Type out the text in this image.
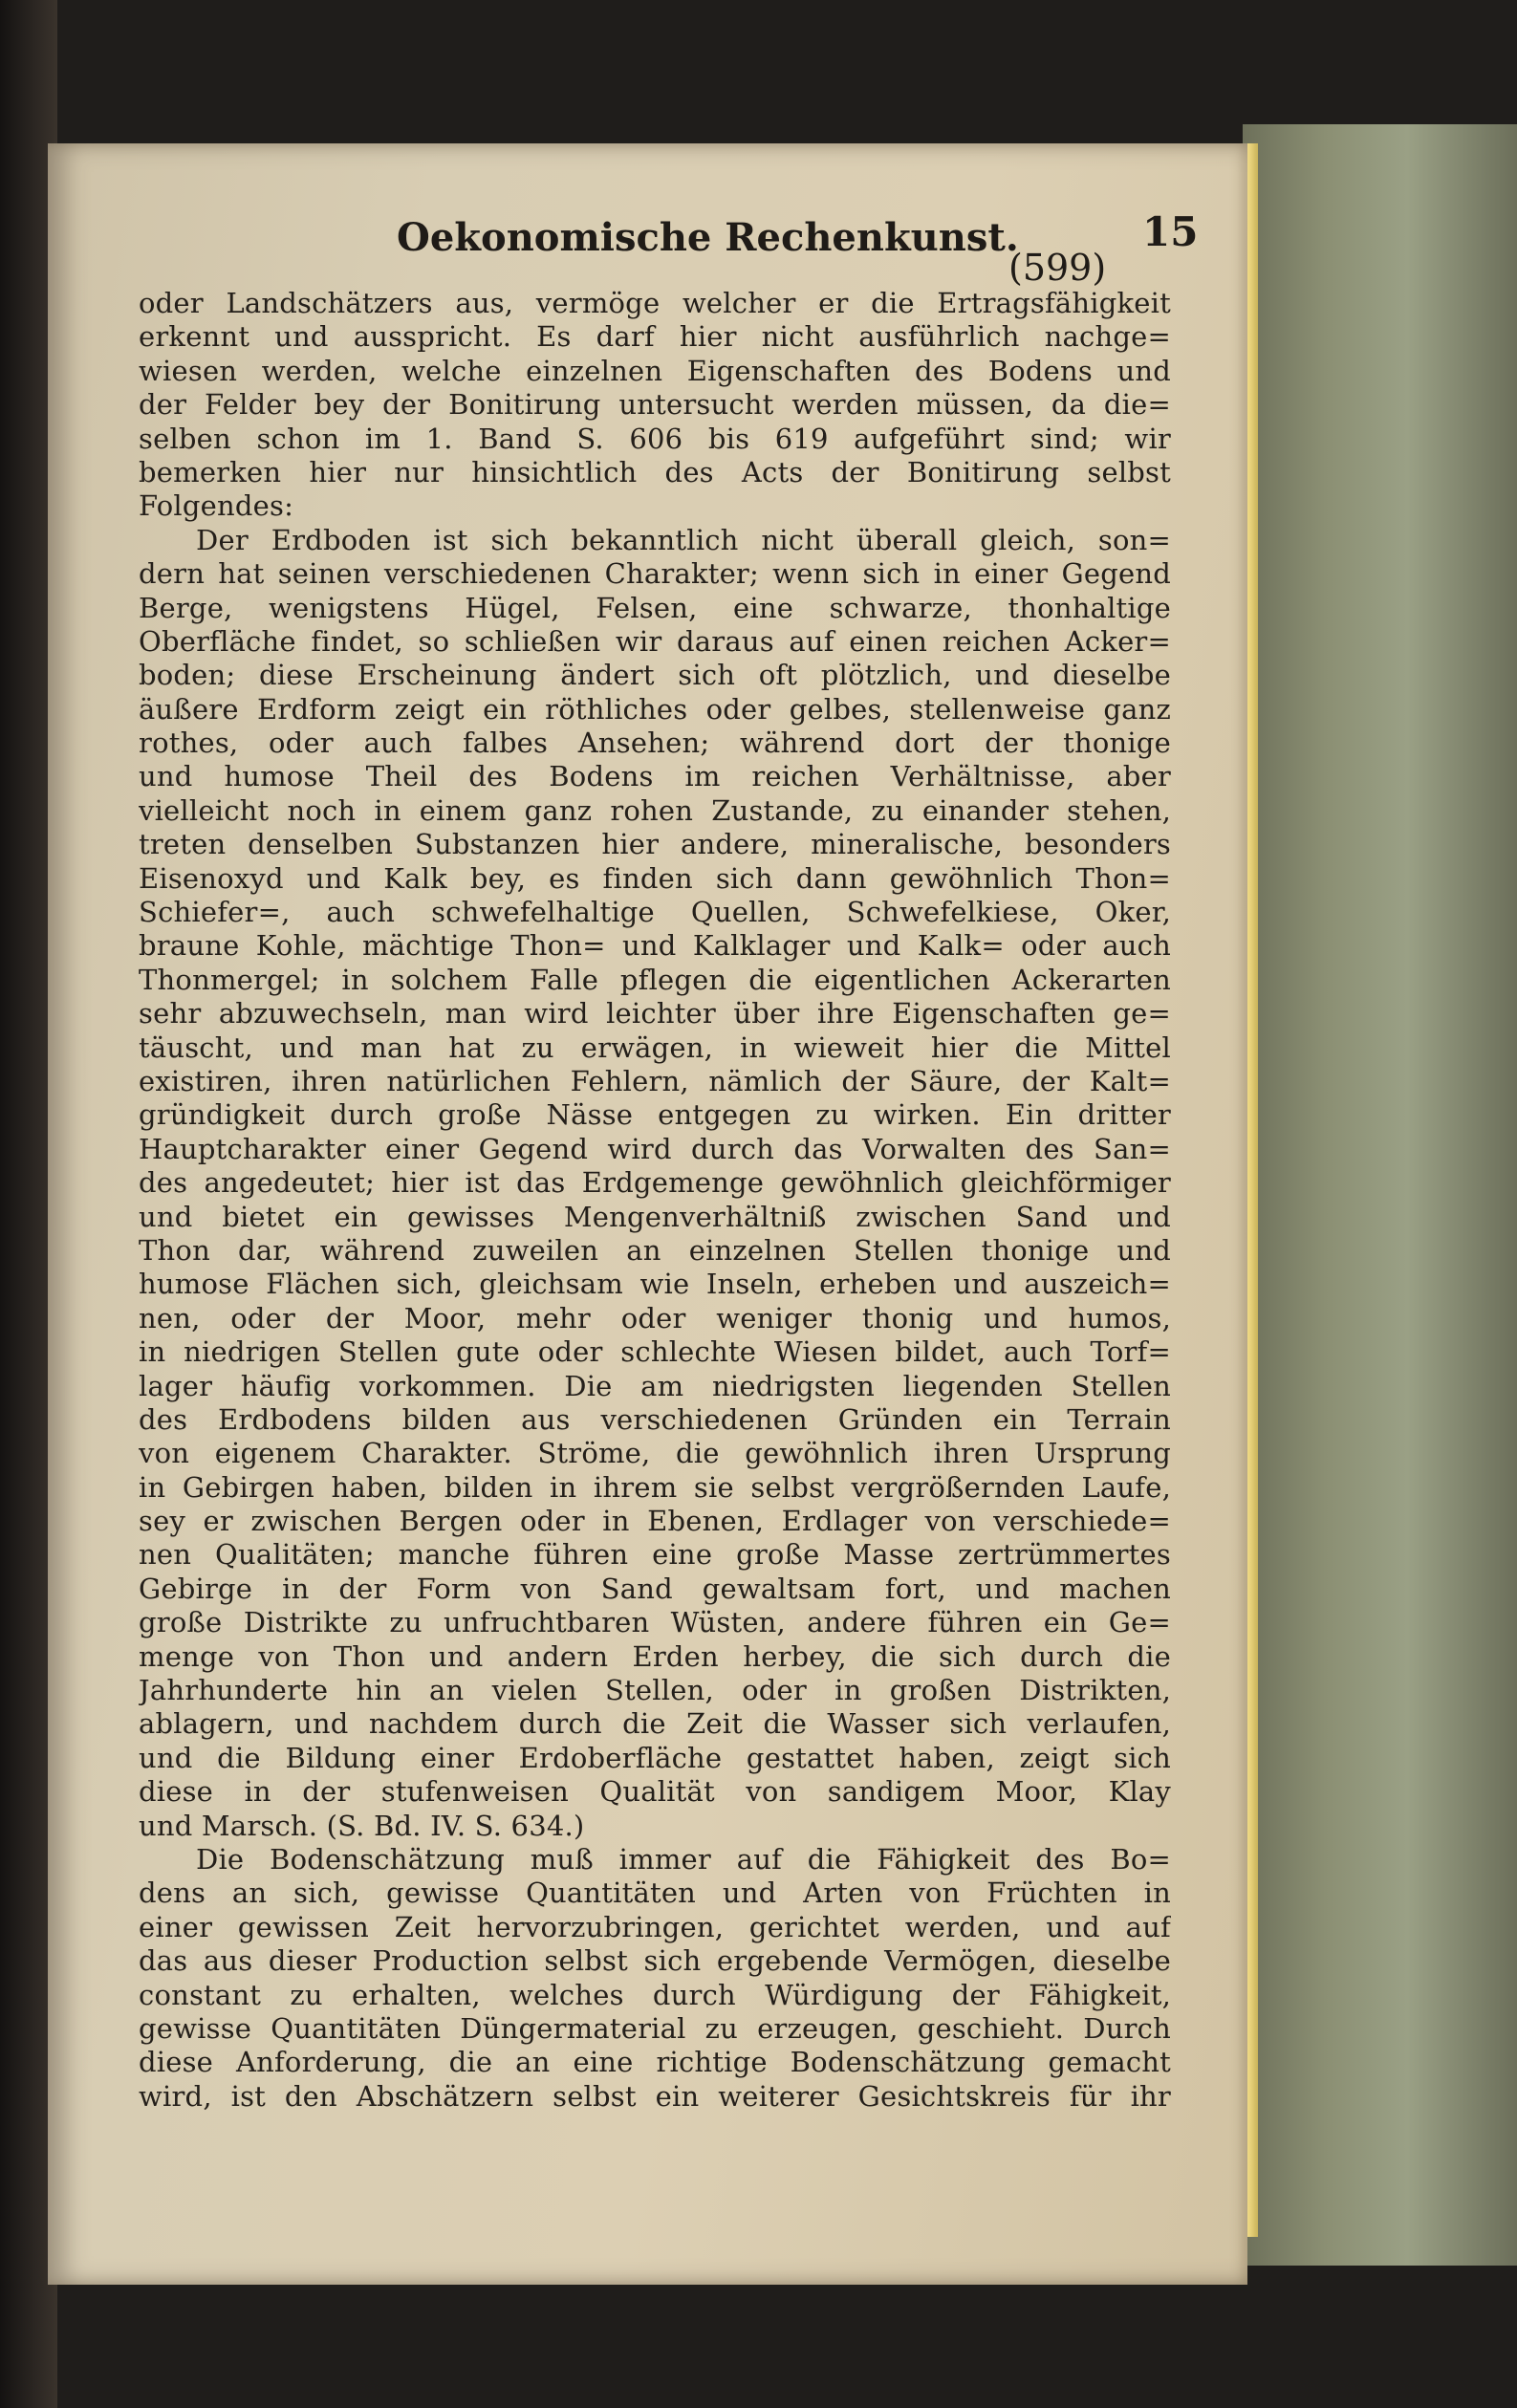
Oekonomische Rechenkunst.	15
(599)
oder Landschätzers aus, vermöge welcher er die Ertragsfähigkeit
erkennt und ausspricht. Es darf hier nicht ausführlich nachge=
wiesen werden, welche einzelnen Eigenschaften des Bodens und
der Felder bey der Bonitirung untersucht werden müssen, da die=
selben schon im 1. Band S. 606 bis 619 aufgeführt sind; wir
bemerken hier nur hinsichtlich des Acts der Bonitirung selbst
Folgendes:
Der Erdboden ist sich bekanntlich nicht überall gleich, son=
dern hat seinen verschiedenen Charakter; wenn sich in einer Gegend
Berge, wenigstens Hügel, Felsen, eine schwarze, thonhaltige
Oberfläche findet, so schließen wir daraus auf einen reichen Acker=
boden; diese Erscheinung ändert sich oft plötzlich, und dieselbe
äußere Erdform zeigt ein röthliches oder gelbes, stellenweise ganz
rothes, oder auch falbes Ansehen; während dort der thonige
und humose Theil des Bodens im reichen Verhältnisse, aber
vielleicht noch in einem ganz rohen Zustande, zu einander stehen,
treten denselben Substanzen hier andere, mineralische, besonders
Eisenoxyd und Kalk bey, es finden sich dann gewöhnlich Thon=
Schiefer=, auch schwefelhaltige Quellen, Schwefelkiese, Oker,
braune Kohle, mächtige Thon= und Kalklager und Kalk= oder auch
Thonmergel; in solchem Falle pflegen die eigentlichen Ackerarten
sehr abzuwechseln, man wird leichter über ihre Eigenschaften ge=
täuscht, und man hat zu erwägen, in wieweit hier die Mittel
existiren, ihren natürlichen Fehlern, nämlich der Säure, der Kalt=
gründigkeit durch große Nässe entgegen zu wirken. Ein dritter
Hauptcharakter einer Gegend wird durch das Vorwalten des San=
des angedeutet; hier ist das Erdgemenge gewöhnlich gleichförmiger
und bietet ein gewisses Mengenverhältniß zwischen Sand und
Thon dar, während zuweilen an einzelnen Stellen thonige und
humose Flächen sich, gleichsam wie Inseln, erheben und auszeich=
nen, oder der Moor, mehr oder weniger thonig und humos,
in niedrigen Stellen gute oder schlechte Wiesen bildet, auch Torf=
lager häufig vorkommen. Die am niedrigsten liegenden Stellen
des Erdbodens bilden aus verschiedenen Gründen ein Terrain
von eigenem Charakter. Ströme, die gewöhnlich ihren Ursprung
in Gebirgen haben, bilden in ihrem sie selbst vergrößernden Laufe,
sey er zwischen Bergen oder in Ebenen, Erdlager von verschiede=
nen Qualitäten; manche führen eine große Masse zertrümmertes
Gebirge in der Form von Sand gewaltsam fort, und machen
große Distrikte zu unfruchtbaren Wüsten, andere führen ein Ge=
menge von Thon und andern Erden herbey, die sich durch die
Jahrhunderte hin an vielen Stellen, oder in großen Distrikten,
ablagern, und nachdem durch die Zeit die Wasser sich verlaufen,
und die Bildung einer Erdoberfläche gestattet haben, zeigt sich
diese in der stufenweisen Qualität von sandigem Moor, Klay
und Marsch. (S. Bd. IV. S. 634.)
Die Bodenschätzung muß immer auf die Fähigkeit des Bo=
dens an sich, gewisse Quantitäten und Arten von Früchten in
einer gewissen Zeit hervorzubringen, gerichtet werden, und auf
das aus dieser Production selbst sich ergebende Vermögen, dieselbe
constant zu erhalten, welches durch Würdigung der Fähigkeit,
gewisse Quantitäten Düngermaterial zu erzeugen, geschieht. Durch
diese Anforderung, die an eine richtige Bodenschätzung gemacht
wird, ist den Abschätzern selbst ein weiterer Gesichtskreis für ihr
